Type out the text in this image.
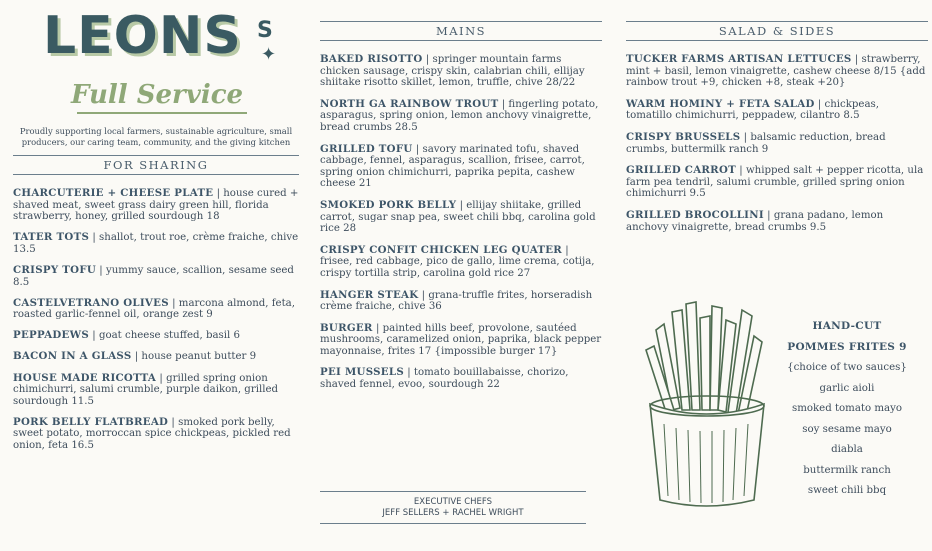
LEONS S
✦
Full Service

Proudly supporting local farmers, sustainable agriculture, small producers, our caring team, community, and the giving kitchen

FOR SHARING
CHARCUTERIE + CHEESE PLATE | house cured + shaved meat, sweet grass dairy green hill, florida strawberry, honey, grilled sourdough 18
TATER TOTS | shallot, trout roe, crème fraiche, chive 13.5
CRISPY TOFU | yummy sauce, scallion, sesame seed 8.5
CASTELVETRANO OLIVES | marcona almond, feta, roasted garlic-fennel oil, orange zest 9
PEPPADEWS | goat cheese stuffed, basil 6
BACON IN A GLASS | house peanut butter 9
HOUSE MADE RICOTTA | grilled spring onion chimichurri, salumi crumble, purple daikon, grilled sourdough 11.5
PORK BELLY FLATBREAD | smoked pork belly, sweet potato, morroccan spice chickpeas, pickled red onion, feta 16.5
MAINS
BAKED RISOTTO | springer mountain farms chicken sausage, crispy skin, calabrian chili, ellijay shiitake risotto skillet, lemon, truffle, chive 28/22
NORTH GA RAINBOW TROUT | fingerling potato, asparagus, spring onion, lemon anchovy vinaigrette, bread crumbs 28.5
GRILLED TOFU | savory marinated tofu, shaved cabbage, fennel, asparagus, scallion, frisee, carrot, spring onion chimichurri, paprika pepita, cashew cheese 21
SMOKED PORK BELLY | ellijay shiitake, grilled carrot, sugar snap pea, sweet chili bbq, carolina gold rice 28
CRISPY CONFIT CHICKEN LEG QUATER | frisee, red cabbage, pico de gallo, lime crema, cotija, crispy tortilla strip, carolina gold rice 27
HANGER STEAK | grana-truffle frites, horseradish crème fraiche, chive 36
BURGER | painted hills beef, provolone, sautéed mushrooms, caramelized onion, paprika, black pepper mayonnaise, frites 17 {impossible burger 17}
PEI MUSSELS | tomato bouillabaisse, chorizo, shaved fennel, evoo, sourdough 22
EXECUTIVE CHEFS
JEFF SELLERS + RACHEL WRIGHT
SALAD & SIDES
TUCKER FARMS ARTISAN LETTUCES | strawberry, mint + basil, lemon vinaigrette, cashew cheese 8/15 {add rainbow trout +9, chicken +8, steak +20}
WARM HOMINY + FETA SALAD | chickpeas, tomatillo chimichurri, peppadew, cilantro 8.5
CRISPY BRUSSELS | balsamic reduction, bread crumbs, buttermilk ranch 9
GRILLED CARROT | whipped salt + pepper ricotta, ula farm pea tendril, salumi crumble, grilled spring onion chimichurri 9.5
GRILLED BROCOLLINI | grana padano, lemon anchovy vinaigrette, bread crumbs 9.5
HAND-CUT
POMMES FRITES 9
{choice of two sauces}
garlic aioli
smoked tomato mayo
soy sesame mayo
diabla
buttermilk ranch
sweet chili bbq
